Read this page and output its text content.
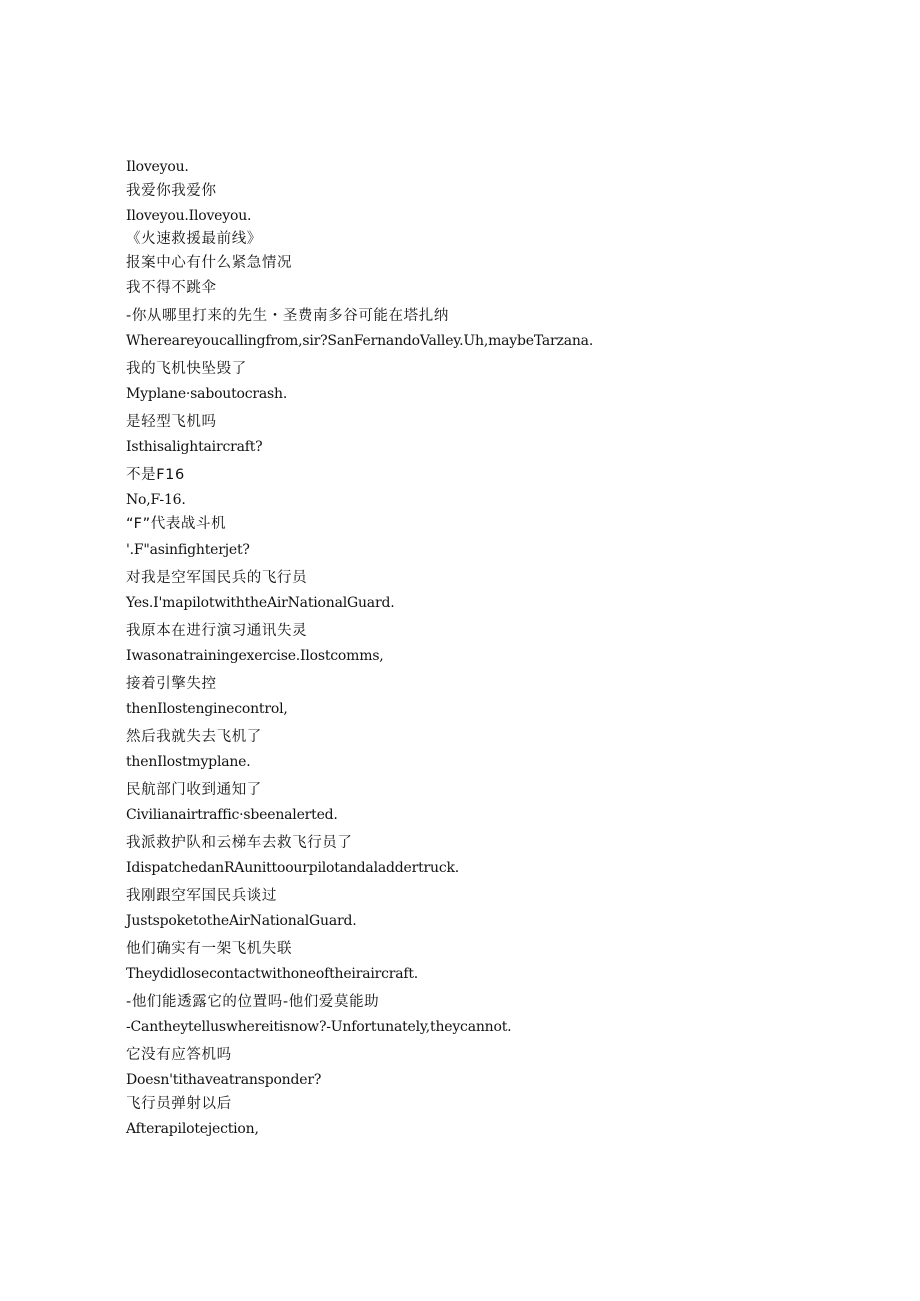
Iloveyou.
我爱你我爱你
Iloveyou.Iloveyou.
《火速救援最前线》
报案中心有什么紧急情况
我不得不跳伞
-你从哪里打来的先生・圣费南多谷可能在塔扎纳
Whereareyoucallingfrom,sir?SanFernandoValley.Uh,maybeTarzana.
我的飞机快坠毁了
Myplane·saboutocrash.
是轻型飞机吗
Isthisalightaircraft?
不是F16
No,F-16.
“F”代表战斗机
'.F"asinfighterjet?
对我是空军国民兵的飞行员
Yes.I'mapilotwiththeAirNationalGuard.
我原本在进行演习通讯失灵
Iwasonatrainingexercise.Ilostcomms,
接着引擎失控
thenIlostenginecontrol,
然后我就失去飞机了
thenIlostmyplane.
民航部门收到通知了
Civilianairtraffic·sbeenalerted.
我派救护队和云梯车去救飞行员了
IdispatchedanRAunittoourpilotandaladdertruck.
我刚跟空军国民兵谈过
JustspoketotheAirNationalGuard.
他们确实有一架飞机失联
Theydidlosecontactwithoneoftheiraircraft.
-他们能透露它的位置吗-他们爱莫能助
-Cantheytelluswhereitisnow?-Unfortunately,theycannot.
它没有应答机吗
Doesn'tithaveatransponder?
飞行员弹射以后
Afterapilotejection,
